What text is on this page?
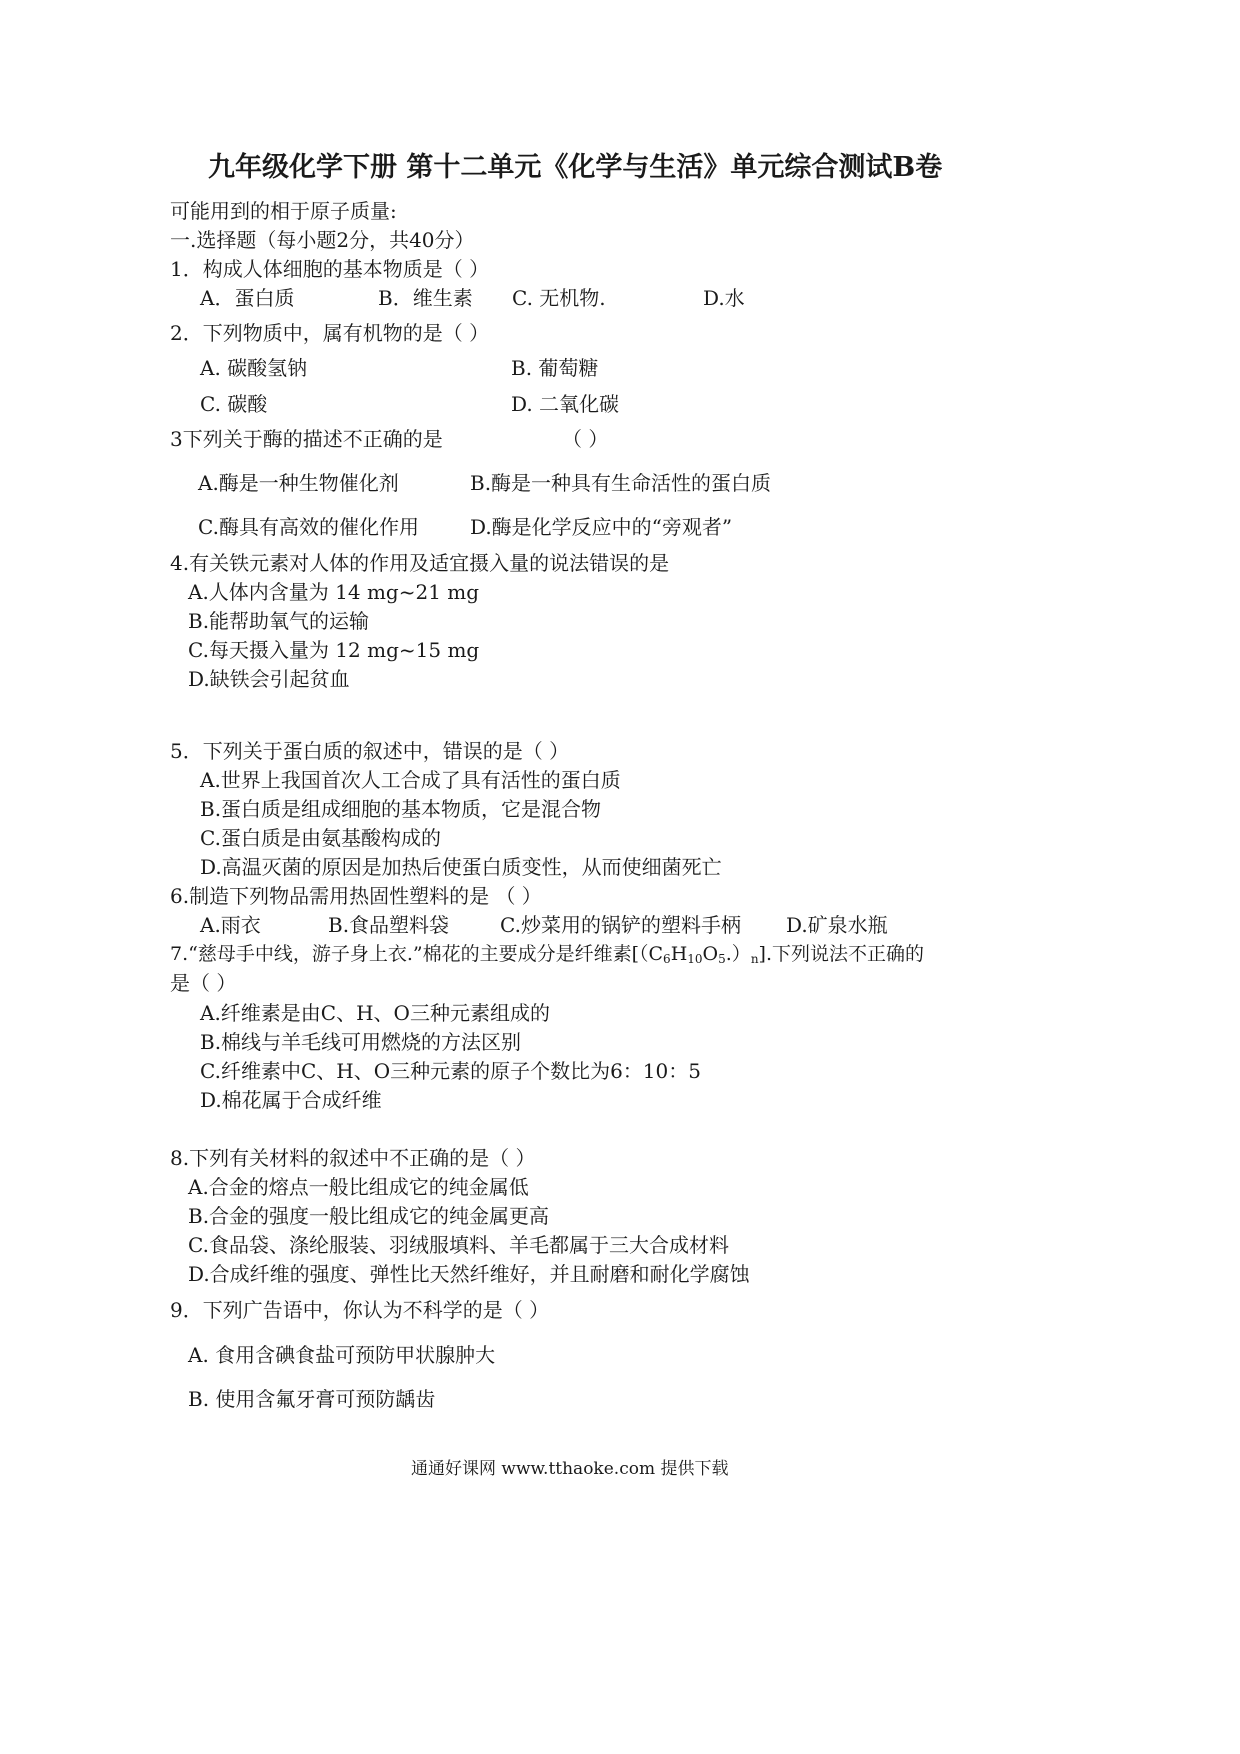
九年级化学下册 第十二单元《化学与生活》单元综合测试B卷
可能用到的相于原子质量:
一.选择题（每小题2分，共40分）
1．构成人体细胞的基本物质是（ ）
A．蛋白质	B．维生素 C. 无机物.	D.水
2．下列物质中，属有机物的是（ ）
A. 碳酸氢钠	B. 葡萄糖
C. 碳酸	D. 二氧化碳
3下列关于酶的描述不正确的是	（ ）
A.酶是一种生物催化剂	B.酶是一种具有生命活性的蛋白质
C.酶具有高效的催化作用	D.酶是化学反应中的“旁观者”
4.有关铁元素对人体的作用及适宜摄入量的说法错误的是
A.人体内含量为 14 mg~21 mg
B.能帮助氧气的运输
C.每天摄入量为 12 mg~15 mg
D.缺铁会引起贫血
5．下列关于蛋白质的叙述中，错误的是（ ）
A.世界上我国首次人工合成了具有活性的蛋白质
B.蛋白质是组成细胞的基本物质，它是混合物
C.蛋白质是由氨基酸构成的
D.高温灭菌的原因是加热后使蛋白质变性，从而使细菌死亡
6.制造下列物品需用热固性塑料的是 （ ）
A.雨衣	B.食品塑料袋	C.炒菜用的锅铲的塑料手柄 D.矿泉水瓶
7.“慈母手中线，游子身上衣.”棉花的主要成分是纤维素$[(C_6H_{10}O_5.)_n]$.下列说法不正确的
是（ ）
A.纤维素是由C、H、O三种元素组成的
B.棉线与羊毛线可用燃烧的方法区别
C.纤维素中C、H、O三种元素的原子个数比为6：10：5
D.棉花属于合成纤维
8.下列有关材料的叙述中不正确的是（ ）
A.合金的熔点一般比组成它的纯金属低
B.合金的强度一般比组成它的纯金属更高
C.食品袋、涤纶服装、羽绒服填料、羊毛都属于三大合成材料
D.合成纤维的强度、弹性比天然纤维好，并且耐磨和耐化学腐蚀
9．下列广告语中，你认为不科学的是（ ）
A. 食用含碘食盐可预防甲状腺肿大
B. 使用含氟牙膏可预防龋齿
通通好课网 www.tthaoke.com 提供下载
